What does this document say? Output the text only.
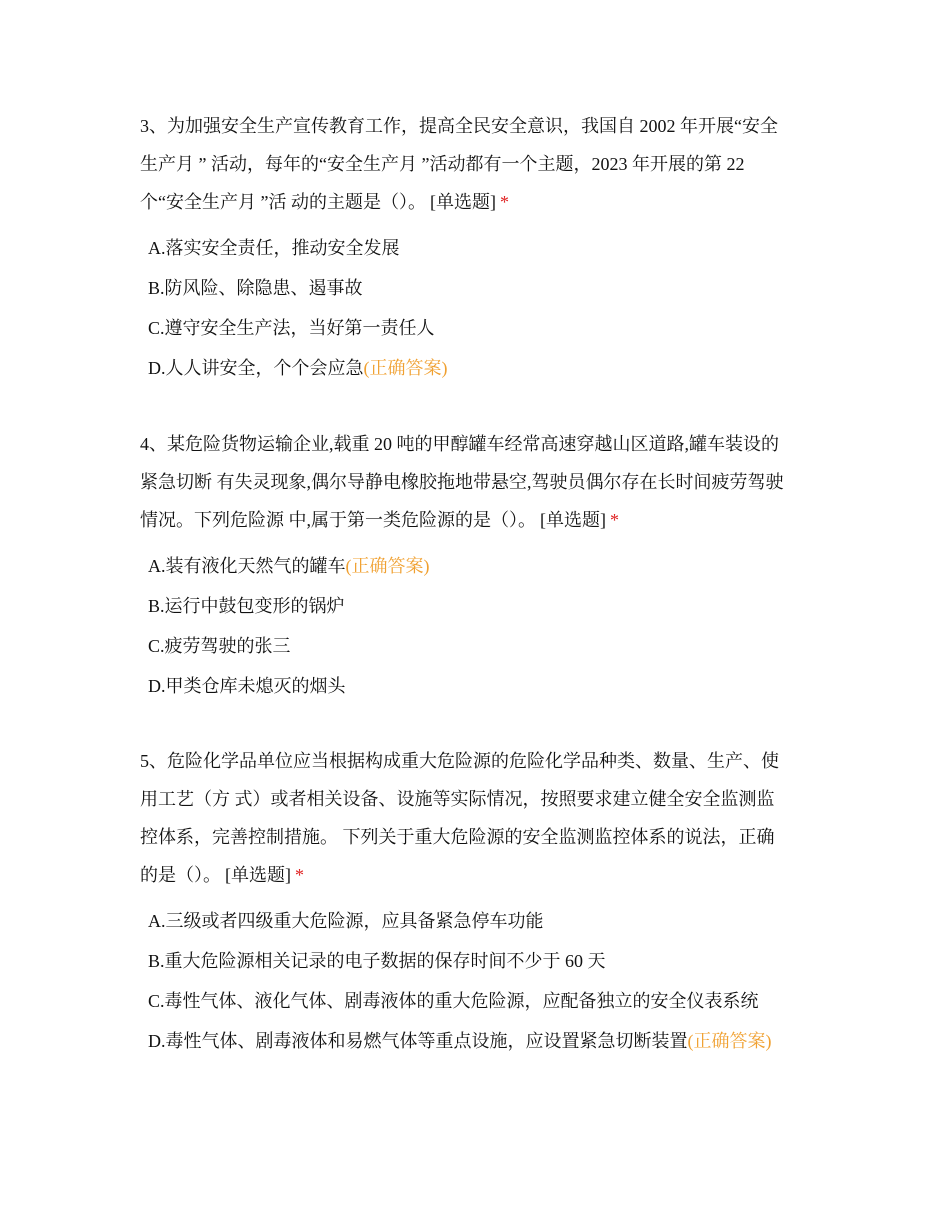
3、为加强安全生产宣传教育工作，提高全民安全意识，我国自 2002 年开展“安全
生产月 ” 活动，每年的“安全生产月 ”活动都有一个主题，2023 年开展的第 22
个“安全生产月 ”活 动的主题是（）。 [单选题] *

A.落实安全责任，推动安全发展
B.防风险、除隐患、遏事故
C.遵守安全生产法，当好第一责任人
D.人人讲安全，个个会应急(正确答案)

4、某危险货物运输企业,载重 20 吨的甲醇罐车经常高速穿越山区道路,罐车装设的
紧急切断 有失灵现象,偶尔导静电橡胶拖地带悬空,驾驶员偶尔存在长时间疲劳驾驶
情况。下列危险源 中,属于第一类危险源的是（）。 [单选题] *

A.装有液化天然气的罐车(正确答案)
B.运行中鼓包变形的锅炉
C.疲劳驾驶的张三
D.甲类仓库未熄灭的烟头

5、危险化学品单位应当根据构成重大危险源的危险化学品种类、数量、生产、使
用工艺（方 式）或者相关设备、设施等实际情况，按照要求建立健全安全监测监
控体系，完善控制措施。 下列关于重大危险源的安全监测监控体系的说法，正确
的是（）。 [单选题] *

A.三级或者四级重大危险源，应具备紧急停车功能
B.重大危险源相关记录的电子数据的保存时间不少于 60 天
C.毒性气体、液化气体、剧毒液体的重大危险源，应配备独立的安全仪表系统
D.毒性气体、剧毒液体和易燃气体等重点设施，应设置紧急切断装置(正确答案)
